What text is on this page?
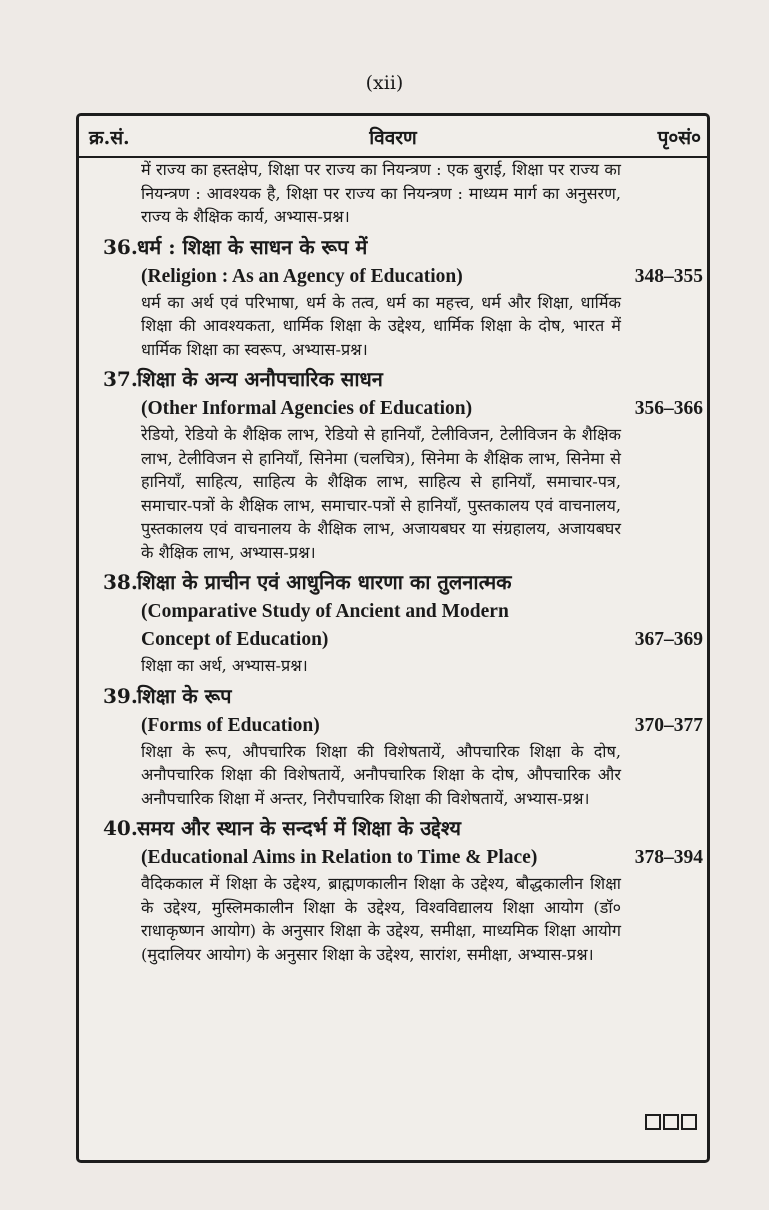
(xii)
क्र.सं.	विवरण	पृ०सं०
में राज्य का हस्तक्षेप, शिक्षा पर राज्य का नियन्त्रण : एक बुराई, शिक्षा पर राज्य का नियन्त्रण : आवश्यक है, शिक्षा पर राज्य का नियन्त्रण : माध्यम मार्ग का अनुसरण, राज्य के शैक्षिक कार्य, अभ्यास-प्रश्न।
36. धर्म : शिक्षा के साधन के रूप में
(Religion : As an Agency of Education)	348–355
धर्म का अर्थ एवं परिभाषा, धर्म के तत्व, धर्म का महत्त्व, धर्म और शिक्षा, धार्मिक शिक्षा की आवश्यकता, धार्मिक शिक्षा के उद्देश्य, धार्मिक शिक्षा के दोष, भारत में धार्मिक शिक्षा का स्वरूप, अभ्यास-प्रश्न।
37. शिक्षा के अन्य अनौपचारिक साधन
(Other Informal Agencies of Education)	356–366
रेडियो, रेडियो के शैक्षिक लाभ, रेडियो से हानियाँ, टेलीविजन, टेलीविजन के शैक्षिक लाभ, टेलीविजन से हानियाँ, सिनेमा (चलचित्र), सिनेमा के शैक्षिक लाभ, सिनेमा से हानियाँ, साहित्य, साहित्य के शैक्षिक लाभ, साहित्य से हानियाँ, समाचार-पत्र, समाचार-पत्रों के शैक्षिक लाभ, समाचार-पत्रों से हानियाँ, पुस्तकालय एवं वाचनालय, पुस्तकालय एवं वाचनालय के शैक्षिक लाभ, अजायबघर या संग्रहालय, अजायबघर के शैक्षिक लाभ, अभ्यास-प्रश्न।
38. शिक्षा के प्राचीन एवं आधुनिक धारणा का तुलनात्मक
(Comparative Study of Ancient and Modern
Concept of Education)	367–369
शिक्षा का अर्थ, अभ्यास-प्रश्न।
39. शिक्षा के रूप
(Forms of Education)	370–377
शिक्षा के रूप, औपचारिक शिक्षा की विशेषतायें, औपचारिक शिक्षा के दोष, अनौपचारिक शिक्षा की विशेषतायें, अनौपचारिक शिक्षा के दोष, औपचारिक और अनौपचारिक शिक्षा में अन्तर, निरौपचारिक शिक्षा की विशेषतायें, अभ्यास-प्रश्न।
40. समय और स्थान के सन्दर्भ में शिक्षा के उद्देश्य
(Educational Aims in Relation to Time & Place)	378–394
वैदिककाल में शिक्षा के उद्देश्य, ब्राह्मणकालीन शिक्षा के उद्देश्य, बौद्धकालीन शिक्षा के उद्देश्य, मुस्लिमकालीन शिक्षा के उद्देश्य, विश्वविद्यालय शिक्षा आयोग (डॉ० राधाकृष्णन आयोग) के अनुसार शिक्षा के उद्देश्य, समीक्षा, माध्यमिक शिक्षा आयोग (मुदालियर आयोग) के अनुसार शिक्षा के उद्देश्य, सारांश, समीक्षा, अभ्यास-प्रश्न।
